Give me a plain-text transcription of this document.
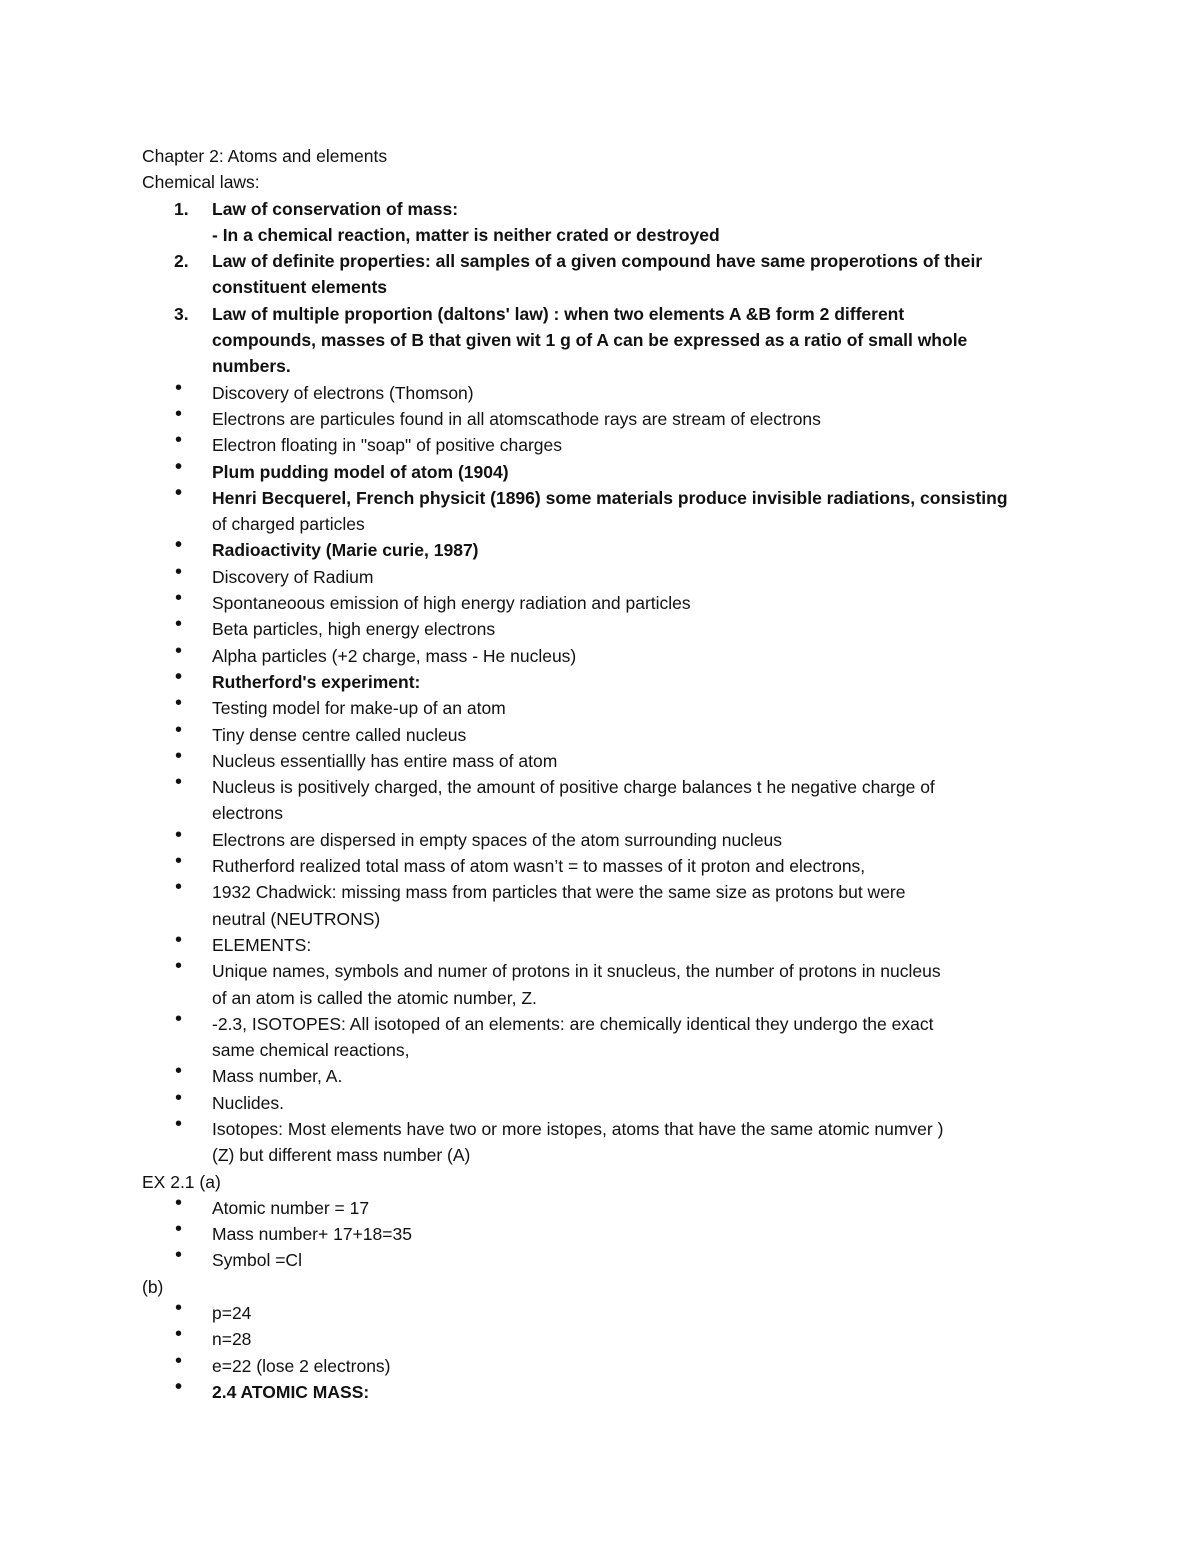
Chapter 2: Atoms and elements
Chemical laws:
1. Law of conservation of mass:
- In a chemical reaction, matter is neither crated or destroyed
2. Law of definite properties: all samples of a given compound have same properotions of their
constituent elements
3. Law of multiple proportion (daltons' law) : when two elements A &B form 2 different
compounds, masses of B that given wit 1 g of A can be expressed as a ratio of small whole
numbers.
• Discovery of electrons (Thomson)
• Electrons are particules found in all atomscathode rays are stream of electrons
• Electron floating in "soap" of positive charges
• Plum pudding model of atom (1904)
• Henri Becquerel, French physicit (1896) some materials produce invisible radiations, consisting
of charged particles
• Radioactivity (Marie curie, 1987)
• Discovery of Radium
• Spontaneoous emission of high energy radiation and particles
• Beta particles, high energy electrons
• Alpha particles (+2 charge, mass - He nucleus)
• Rutherford's experiment:
• Testing model for make-up of an atom
• Tiny dense centre called nucleus
• Nucleus essentiallly has entire mass of atom
• Nucleus is positively charged, the amount of positive charge balances t he negative charge of
electrons
• Electrons are dispersed in empty spaces of the atom surrounding nucleus
• Rutherford realized total mass of atom wasn’t = to masses of it proton and electrons,
• 1932 Chadwick: missing mass from particles that were the same size as protons but were
neutral (NEUTRONS)
• ELEMENTS:
• Unique names, symbols and numer of protons in it snucleus, the number of protons in nucleus
of an atom is called the atomic number, Z.
• -2.3, ISOTOPES: All isotoped of an elements: are chemically identical they undergo the exact
same chemical reactions,
• Mass number, A.
• Nuclides.
• Isotopes: Most elements have two or more istopes, atoms that have the same atomic numver )
(Z) but different mass number (A)
EX 2.1 (a)
• Atomic number = 17
• Mass number+ 17+18=35
• Symbol =Cl
(b)
• p=24
• n=28
• e=22 (lose 2 electrons)
• 2.4 ATOMIC MASS:
